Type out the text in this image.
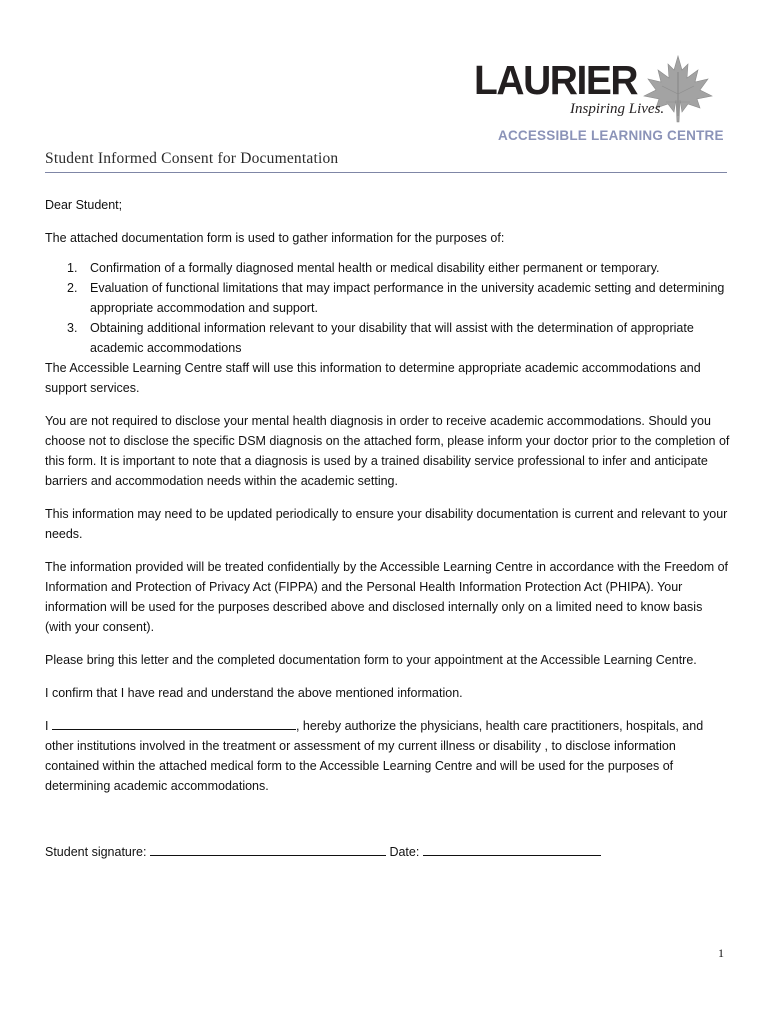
LAURIER
Inspiring Lives.
ACCESSIBLE LEARNING CENTRE
Student Informed Consent for Documentation

Dear Student;

The attached documentation form is used to gather information for the purposes of:

1. Confirmation of a formally diagnosed mental health or medical disability either permanent or temporary.
2. Evaluation of functional limitations that may impact performance in the university academic setting and determining appropriate accommodation and support.
3. Obtaining additional information relevant to your disability that will assist with the determination of appropriate academic accommodations

The Accessible Learning Centre staff will use this information to determine appropriate academic accommodations and support services.

You are not required to disclose your mental health diagnosis in order to receive academic accommodations. Should you choose not to disclose the specific DSM diagnosis on the attached form, please inform your doctor prior to the completion of this form. It is important to note that a diagnosis is used by a trained disability service professional to infer and anticipate barriers and accommodation needs within the academic setting.

This information may need to be updated periodically to ensure your disability documentation is current and relevant to your needs.

The information provided will be treated confidentially by the Accessible Learning Centre in accordance with the Freedom of Information and Protection of Privacy Act (FIPPA) and the Personal Health Information Protection Act (PHIPA). Your information will be used for the purposes described above and disclosed internally only on a limited need to know basis (with your consent).

Please bring this letter and the completed documentation form to your appointment at the Accessible Learning Centre.

I confirm that I have read and understand the above mentioned information.

I	, hereby authorize the physicians, health care practitioners, hospitals, and other institutions involved in the treatment or assessment of my current illness or disability , to disclose information contained within the attached medical form to the Accessible Learning Centre and will be used for the purposes of determining academic accommodations.

Student signature:	Date:
1
